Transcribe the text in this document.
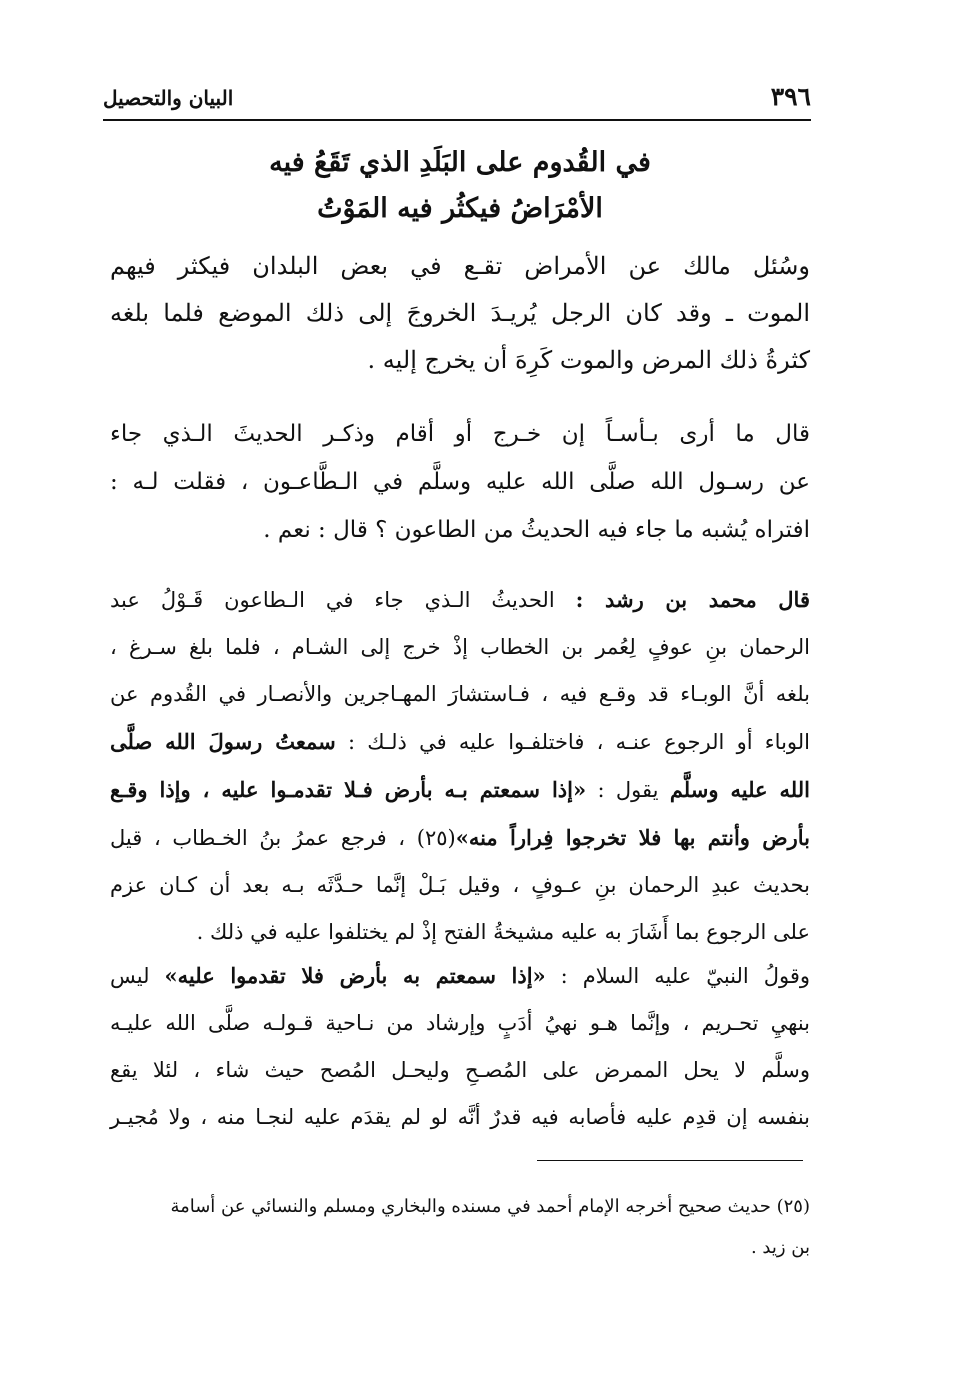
٣٩٦
البيان والتحصيل
في القُدوم على البَلَدِ الذي تَقَعُ فيه
الأمْرَاضُ فيكثُر فيه المَوْتُ
وسُئل مالك عن الأمراض تقـع في بعض البلدان فيكثر فيهم
الموت ـ وقد كان الرجل يُريـدَ الخروجَ إلى ذلك الموضع فلما بلغه
كثرةُ ذلك المرض والموت كَرِهَ أن يخرج إليه .
قال ما أرى بـأسـاً إن خـرج أو أقام وذكـر الحديثَ الـذي جاء
عن رسـول الله صلَّى الله عليه وسلَّم في الـطَّاعـون ، فقلت لـه :
افتراه يُشبه ما جاء فيه الحديثُ من الطاعون ؟ قال : نعم .
قال محمد بن رشد : الحديثُ الـذي جاء في الـطاعون قَـوْلُ عبد
الرحمان بنِ عوفٍ لِعُمر بن الخطاب إذْ خرج إلى الشـام ، فلما بلغ سـرغ ،
بلغه أنَّ الوبـاء قد وقـع فيه ، فـاستشارَ المهـاجرين والأنصـار في القُدوم عن
الوباء أو الرجوع عنـه ، فاختلفـوا عليه في ذلـك : سمعتُ رسولَ الله صلَّى
الله عليه وسلَّم يقول : «إذا سمعتم بـه بأرض فـلا تقدمـوا عليه ، وإذا وقـع
بأرض وأنتم بها فلا تخرجوا فِراراً منه»(٢٥) ، فرجع عمرُ بنُ الخـطاب ، قيل
بحديث عبدِ الرحمان بنِ عـوفٍ ، وقيل بَـلْ إنَّما حـدَّثَه بـه بعد أن كـان عزم
على الرجوع بما أَشَارَ به عليه مشيخةُ الفتح إذْ لم يختلفوا عليه في ذلك .
وقولُ النبيّ عليه السلام : «إذا سمعتم به بأرض فلا تقدموا عليه» ليس
بنهيِ تحـريم ، وإنَّما هـو نهيُ أدَبٍ وإرشاد من نـاحية قـولـه صلَّى الله عليـه
وسلَّم لا يحل الممرض على المُصـحِ وليحـل المُصح حيث شاء ، لئلا يقع
بنفسه إن قدِم عليه فأصابه فيه قدرٌ أنَّه لو لم يقدَم عليه لنجـا منه ، ولا مُجيـر
(٢٥) حديث صحيح أخرجه الإمام أحمد في مسنده والبخاري ومسلم والنسائي عن أسامة
بن زيد .
